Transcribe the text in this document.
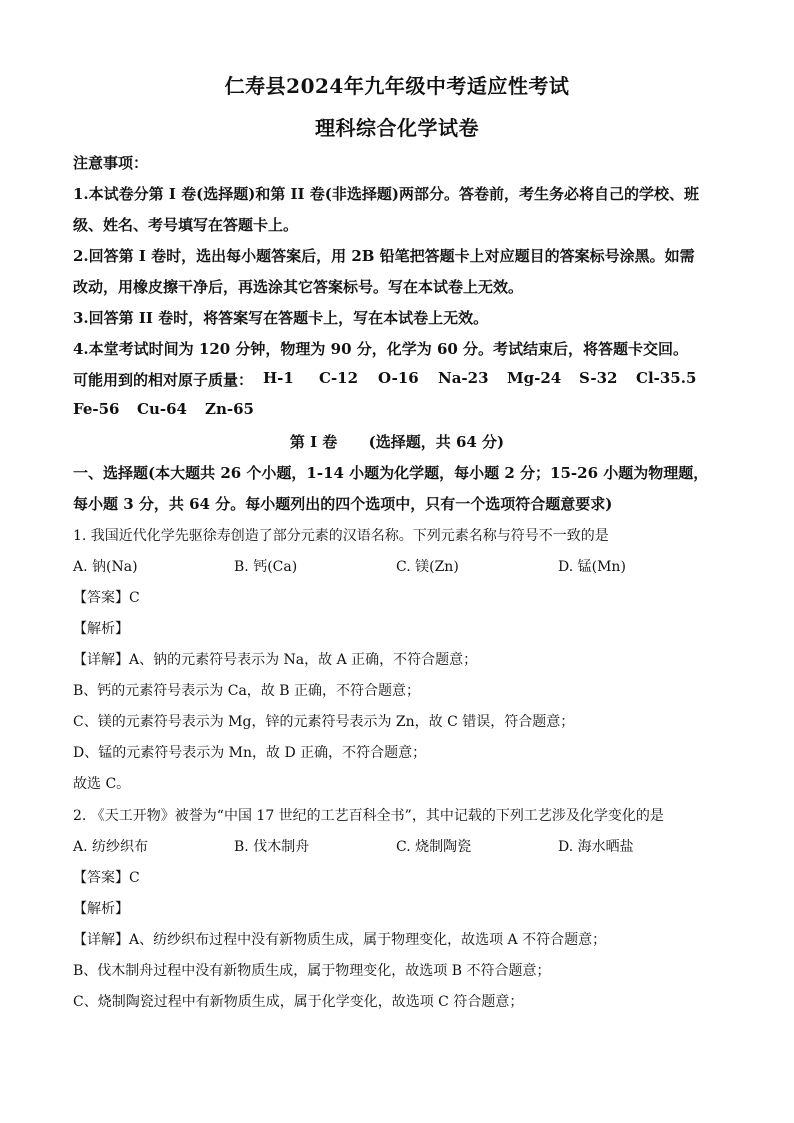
仁寿县2024年九年级中考适应性考试
理科综合化学试卷
注意事项：
1.本试卷分第 I 卷(选择题)和第 II 卷(非选择题)两部分。答卷前，考生务必将自己的学校、班
级、姓名、考号填写在答题卡上。
2.回答第 I 卷时，选出每小题答案后，用 2B 铅笔把答题卡上对应题目的答案标号涂黑。如需
改动，用橡皮擦干净后，再选涂其它答案标号。写在本试卷上无效。
3.回答第 II 卷时，将答案写在答题卡上，写在本试卷上无效。
4.本堂考试时间为 120 分钟，物理为 90 分，化学为 60 分。考试结束后，将答题卡交回。
可能用到的相对原子质量： H-1 C-12 O-16 Na-23 Mg-24 S-32 Cl-35.5
Fe-56 Cu-64 Zn-65
第 I 卷      (选择题，共 64 分)
一、选择题(本大题共 26 个小题，1-14 小题为化学题，每小题 2 分；15-26 小题为物理题，
每小题 3 分，共 64 分。每小题列出的四个选项中，只有一个选项符合题意要求)
1. 我国近代化学先驱徐寿创造了部分元素的汉语名称。下列元素名称与符号不一致的是
A. 钠(Na)	B. 钙(Ca)	C. 镁(Zn)	D. 锰(Mn)
【答案】C
【解析】
【详解】A、钠的元素符号表示为 Na，故 A 正确，不符合题意；
B、钙的元素符号表示为 Ca，故 B 正确，不符合题意；
C、镁的元素符号表示为 Mg，锌的元素符号表示为 Zn，故 C 错误，符合题意；
D、锰的元素符号表示为 Mn，故 D 正确，不符合题意；
故选 C。
2. 《天工开物》被誉为“中国 17 世纪的工艺百科全书”，其中记载的下列工艺涉及化学变化的是
A. 纺纱织布	B. 伐木制舟	C. 烧制陶瓷	D. 海水晒盐
【答案】C
【解析】
【详解】A、纺纱织布过程中没有新物质生成，属于物理变化，故选项 A 不符合题意；
B、伐木制舟过程中没有新物质生成，属于物理变化，故选项 B 不符合题意；
C、烧制陶瓷过程中有新物质生成，属于化学变化，故选项 C 符合题意；
